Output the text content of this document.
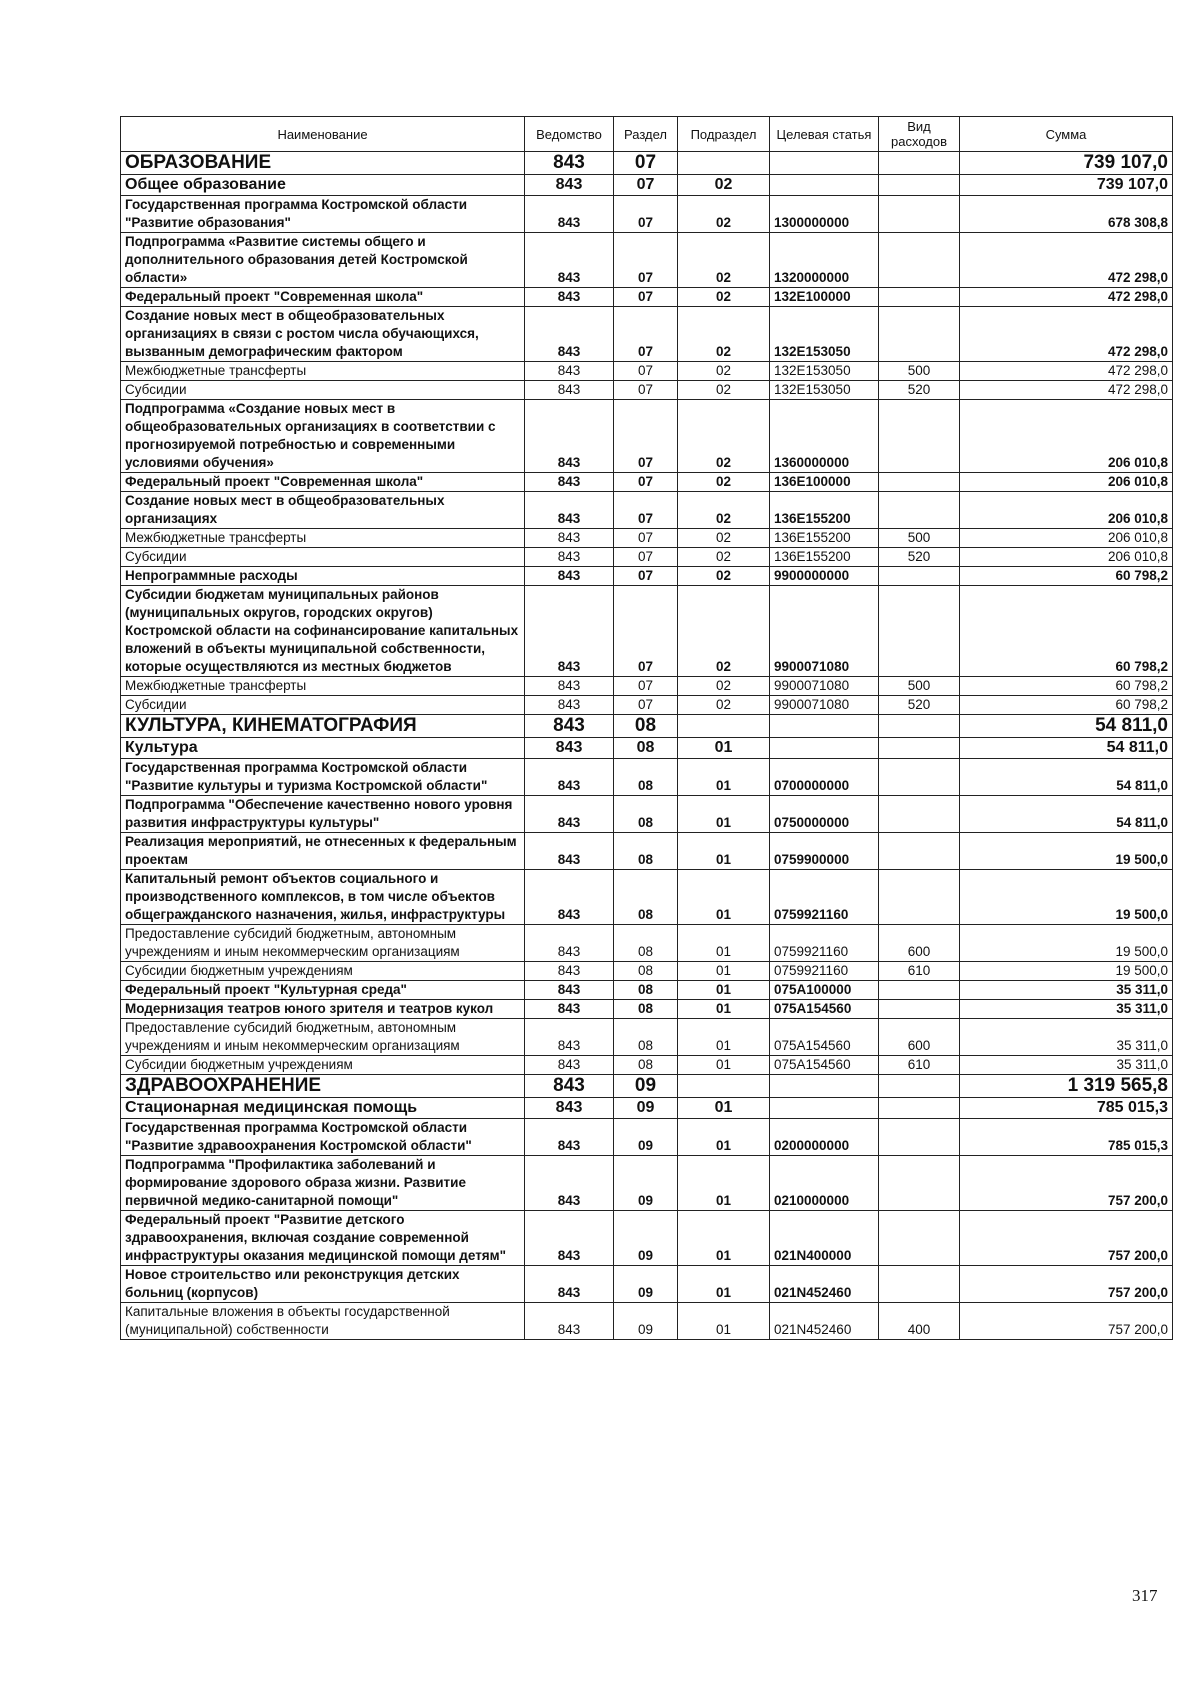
Наименование	Ведомство	Раздел	Подраздел	Целевая статья	Вид расходов	Сумма
ОБРАЗОВАНИЕ	843	07				739 107,0
Общее образование	843	07	02			739 107,0
Государственная программа Костромской области "Развитие образования"	843	07	02	1300000000		678 308,8
Подпрограмма «Развитие системы общего и дополнительного образования детей Костромской области»	843	07	02	1320000000		472 298,0
Федеральный проект "Современная школа"	843	07	02	132E100000		472 298,0
Создание новых мест в общеобразовательных организациях в связи с ростом числа обучающихся, вызванным демографическим фактором	843	07	02	132E153050		472 298,0
Межбюджетные трансферты	843	07	02	132E153050	500	472 298,0
Субсидии	843	07	02	132E153050	520	472 298,0
Подпрограмма «Создание новых мест в общеобразовательных организациях в соответствии с прогнозируемой потребностью и современными условиями обучения»	843	07	02	1360000000		206 010,8
Федеральный проект "Современная школа"	843	07	02	136E100000		206 010,8
Создание новых мест в общеобразовательных организациях	843	07	02	136E155200		206 010,8
Межбюджетные трансферты	843	07	02	136E155200	500	206 010,8
Субсидии	843	07	02	136E155200	520	206 010,8
Непрограммные расходы	843	07	02	9900000000		60 798,2
Субсидии бюджетам муниципальных районов (муниципальных округов, городских округов) Костромской области на софинансирование капитальных вложений в объекты муниципальной собственности, которые осуществляются из местных бюджетов	843	07	02	9900071080		60 798,2
Межбюджетные трансферты	843	07	02	9900071080	500	60 798,2
Субсидии	843	07	02	9900071080	520	60 798,2
КУЛЬТУРА, КИНЕМАТОГРАФИЯ	843	08				54 811,0
Культура	843	08	01			54 811,0
Государственная программа Костромской области "Развитие культуры и туризма Костромской области"	843	08	01	0700000000		54 811,0
Подпрограмма "Обеспечение качественно нового уровня развития инфраструктуры культуры"	843	08	01	0750000000		54 811,0
Реализация мероприятий, не отнесенных к федеральным проектам	843	08	01	0759900000		19 500,0
Капитальный ремонт объектов социального и производственного комплексов, в том числе объектов общегражданского назначения, жилья, инфраструктуры	843	08	01	0759921160		19 500,0
Предоставление субсидий бюджетным, автономным учреждениям и иным некоммерческим организациям	843	08	01	0759921160	600	19 500,0
Субсидии бюджетным учреждениям	843	08	01	0759921160	610	19 500,0
Федеральный проект "Культурная среда"	843	08	01	075A100000		35 311,0
Модернизация театров юного зрителя и театров кукол	843	08	01	075A154560		35 311,0
Предоставление субсидий бюджетным, автономным учреждениям и иным некоммерческим организациям	843	08	01	075A154560	600	35 311,0
Субсидии бюджетным учреждениям	843	08	01	075A154560	610	35 311,0
ЗДРАВООХРАНЕНИЕ	843	09				1 319 565,8
Стационарная медицинская помощь	843	09	01			785 015,3
Государственная программа Костромской области "Развитие здравоохранения Костромской области"	843	09	01	0200000000		785 015,3
Подпрограмма "Профилактика заболеваний и формирование здорового образа жизни. Развитие первичной медико-санитарной помощи"	843	09	01	0210000000		757 200,0
Федеральный проект "Развитие детского здравоохранения, включая создание современной инфраструктуры оказания медицинской помощи детям"	843	09	01	021N400000		757 200,0
Новое строительство или реконструкция детских больниц (корпусов)	843	09	01	021N452460		757 200,0
Капитальные вложения в объекты государственной (муниципальной) собственности	843	09	01	021N452460	400	757 200,0
317
